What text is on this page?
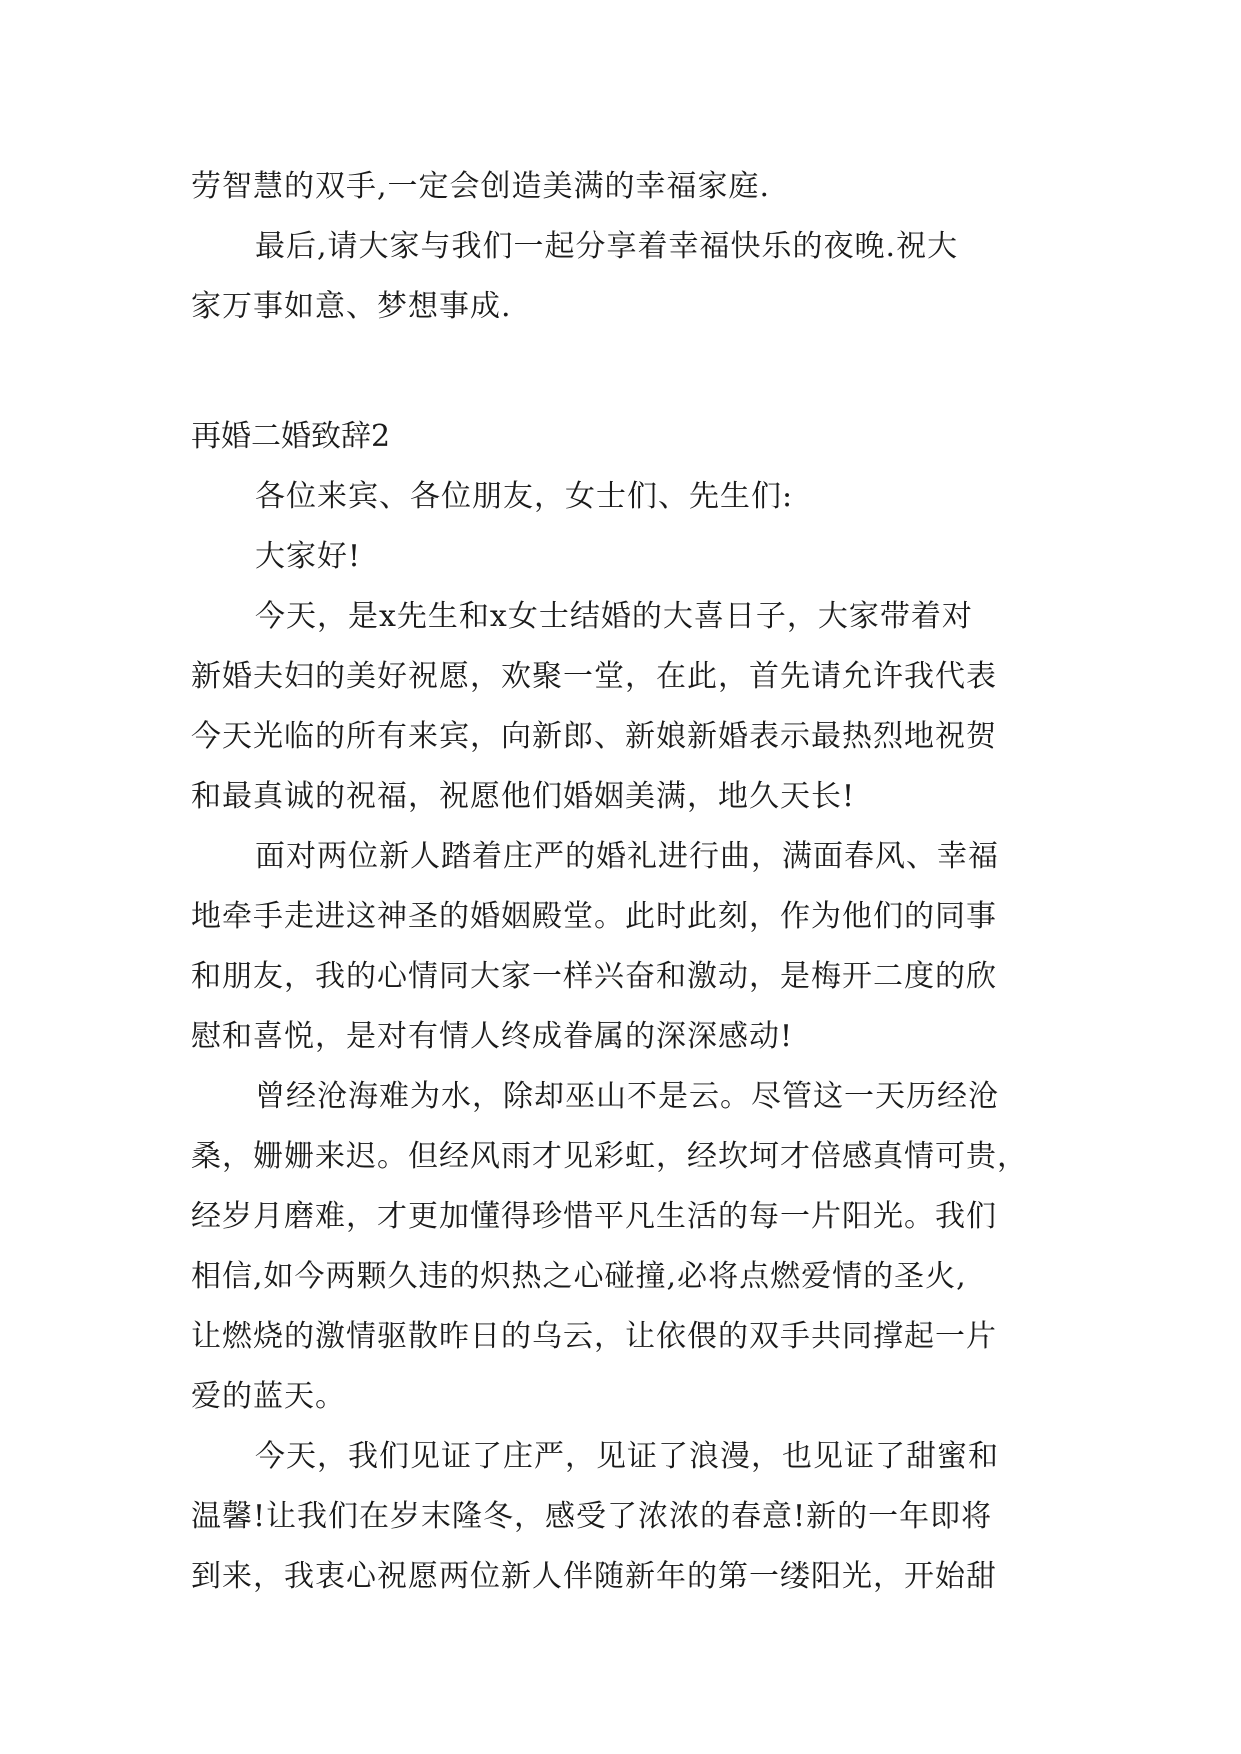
劳智慧的双手,一定会创造美满的幸福家庭.
最后,请大家与我们一起分享着幸福快乐的夜晚.祝大
家万事如意、梦想事成.
再婚二婚致辞2
各位来宾、各位朋友，女士们、先生们:
大家好!
今天，是x先生和x女士结婚的大喜日子，大家带着对
新婚夫妇的美好祝愿，欢聚一堂，在此，首先请允许我代表
今天光临的所有来宾，向新郎、新娘新婚表示最热烈地祝贺
和最真诚的祝福，祝愿他们婚姻美满，地久天长!
面对两位新人踏着庄严的婚礼进行曲，满面春风、幸福
地牵手走进这神圣的婚姻殿堂。此时此刻，作为他们的同事
和朋友，我的心情同大家一样兴奋和激动，是梅开二度的欣
慰和喜悦，是对有情人终成眷属的深深感动!
曾经沧海难为水，除却巫山不是云。尽管这一天历经沧
桑，姗姗来迟。但经风雨才见彩虹，经坎坷才倍感真情可贵，
经岁月磨难，才更加懂得珍惜平凡生活的每一片阳光。我们
相信,如今两颗久违的炽热之心碰撞,必将点燃爱情的圣火,
让燃烧的激情驱散昨日的乌云，让依偎的双手共同撑起一片
爱的蓝天。
今天，我们见证了庄严，见证了浪漫，也见证了甜蜜和
温馨!让我们在岁末隆冬，感受了浓浓的春意!新的一年即将
到来，我衷心祝愿两位新人伴随新年的第一缕阳光，开始甜
